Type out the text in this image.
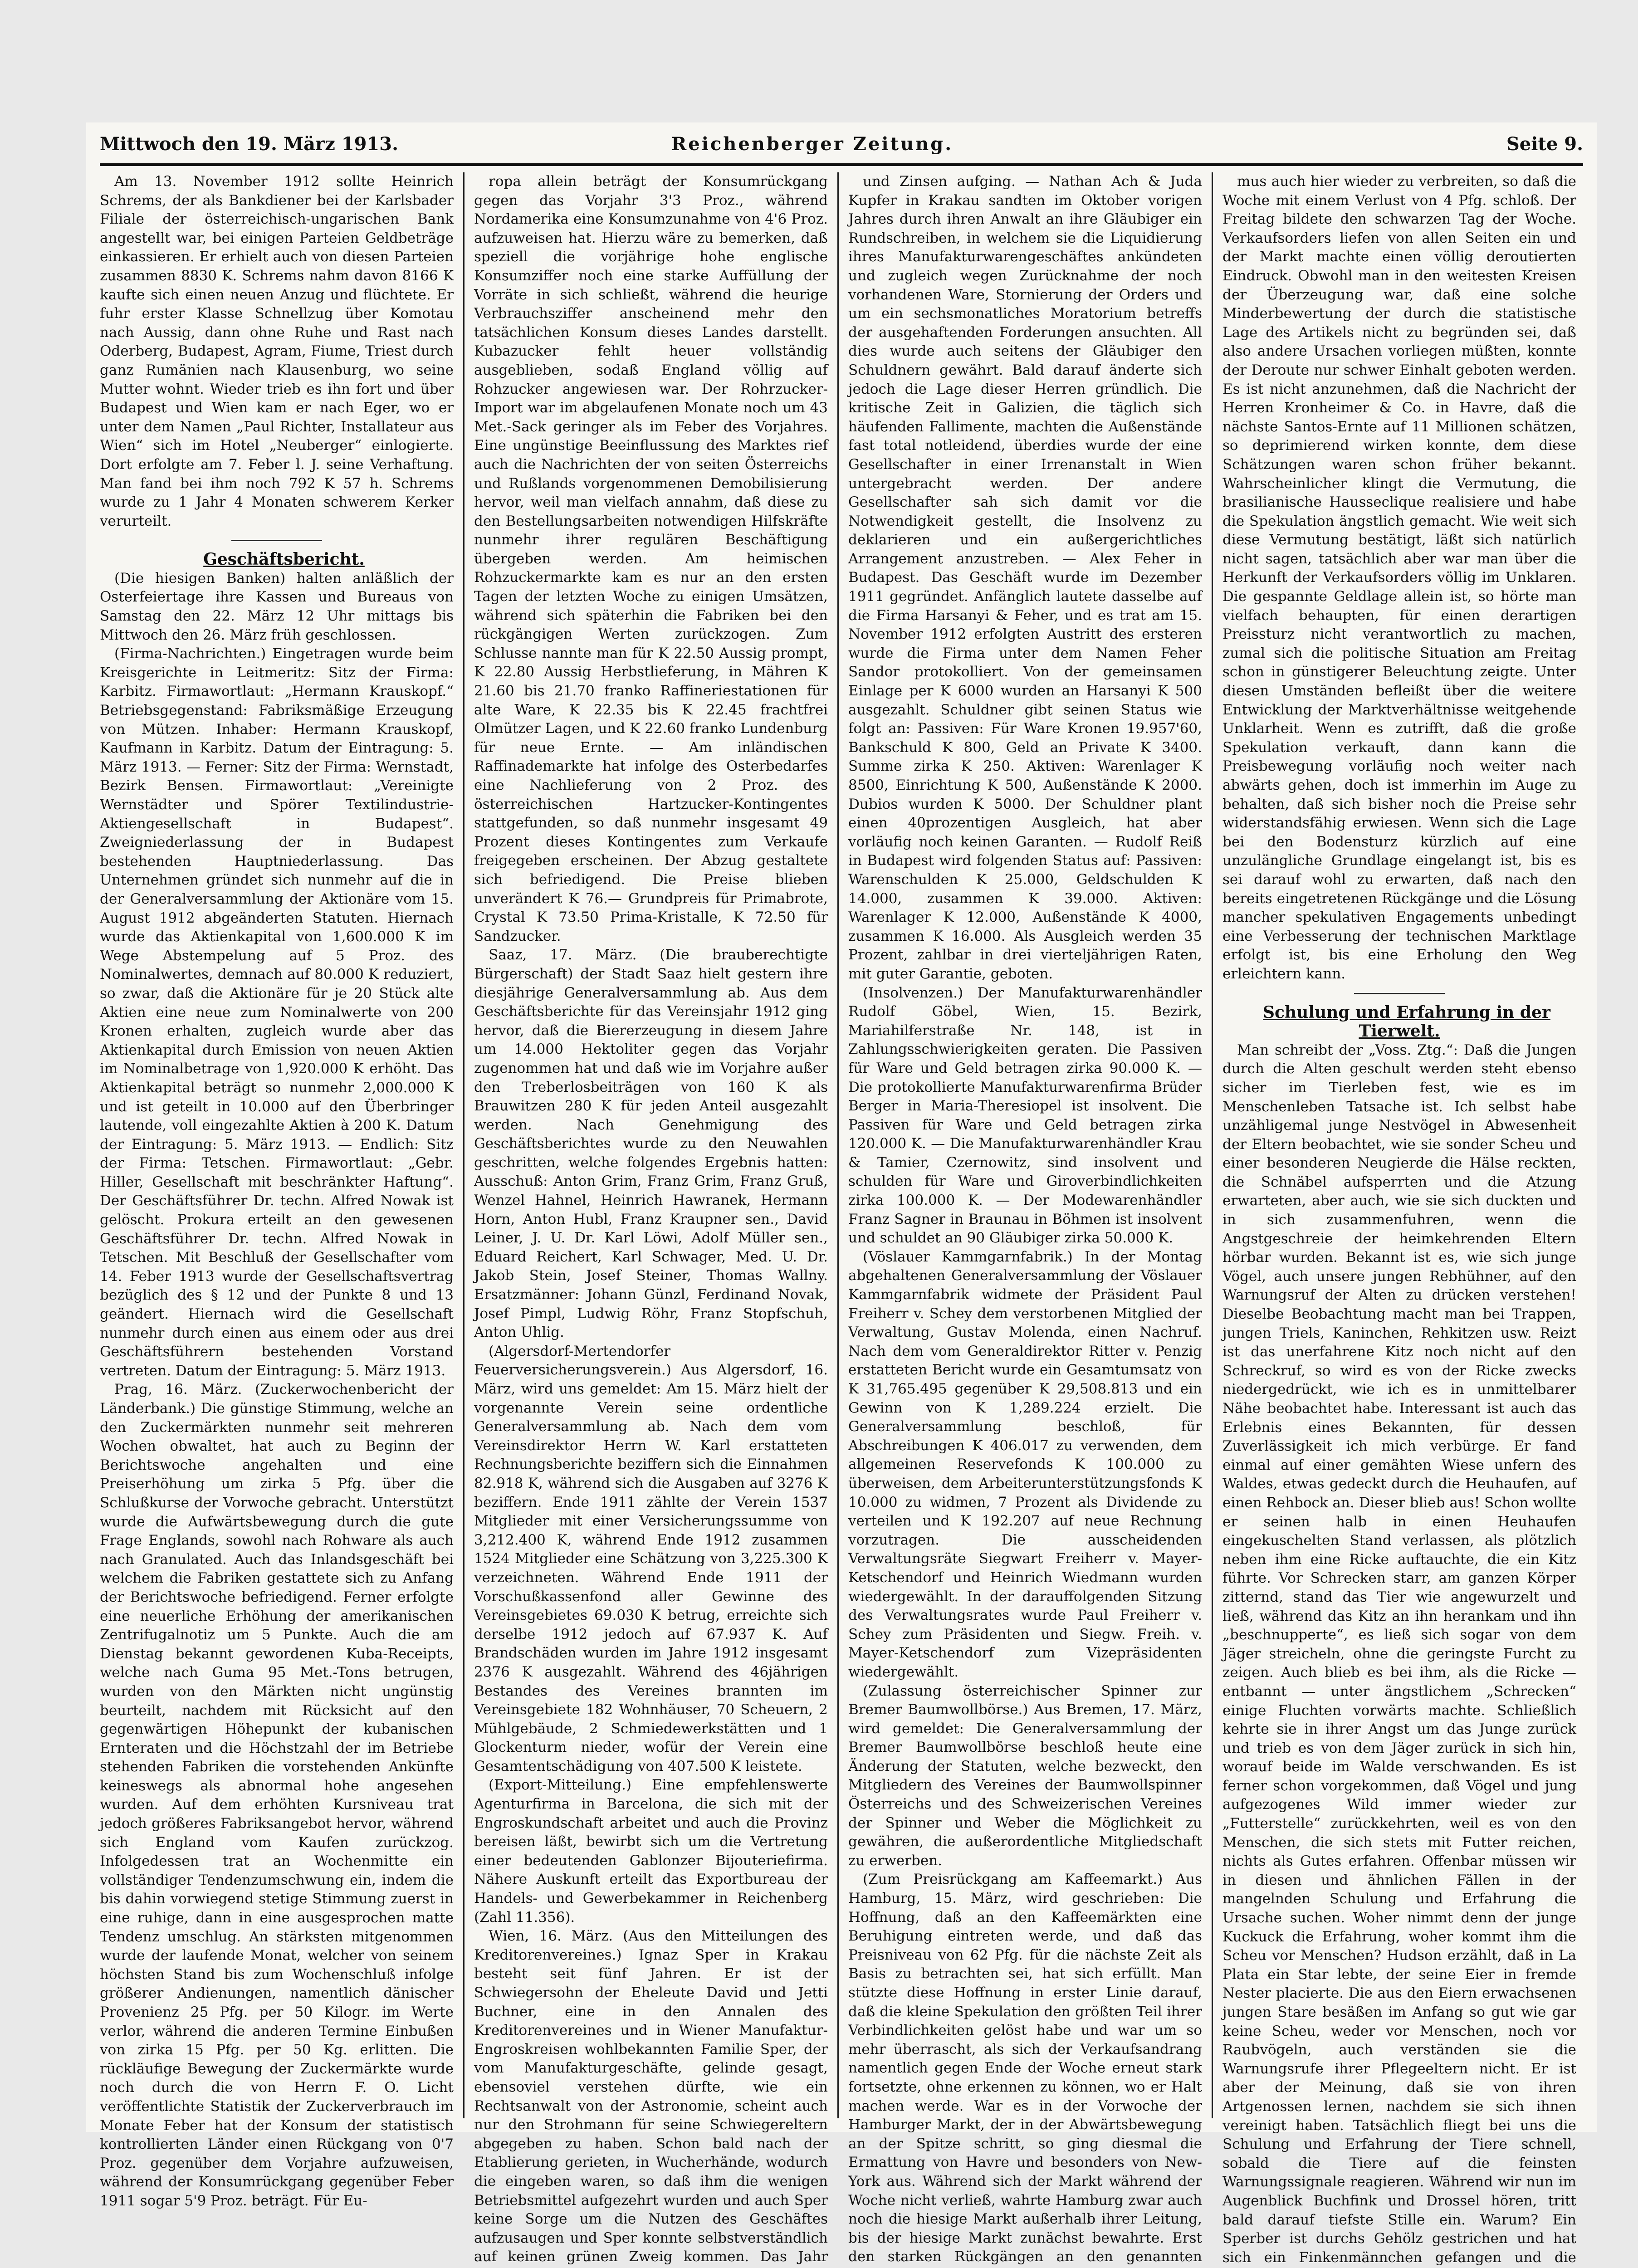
Mittwoch den 19. März 1913.	Reichenberger Zeitung.	Seite 9.

Am 13. November 1912 sollte Heinrich Schrems, der als Bankdiener bei der Karlsbader Filiale der österreichisch-ungarischen Bank angestellt war, bei einigen Parteien Geldbeträge einkassieren. Er erhielt auch von diesen Parteien zusammen 8830 K. Schrems nahm davon 8166 K kaufte sich einen neuen Anzug und flüchtete. Er fuhr erster Klasse Schnellzug über Komotau nach Aussig, dann ohne Ruhe und Rast nach Oderberg, Budapest, Agram, Fiume, Triest durch ganz Rumänien nach Klausenburg, wo seine Mutter wohnt. Wieder trieb es ihn fort und über Budapest und Wien kam er nach Eger, wo er unter dem Namen „Paul Richter, Installateur aus Wien“ sich im Hotel „Neuberger“ einlogierte. Dort erfolgte am 7. Feber l. J. seine Verhaftung. Man fand bei ihm noch 792 K 57 h. Schrems wurde zu 1 Jahr 4 Monaten schwerem Kerker verurteilt.

Geschäftsbericht.

(Die hiesigen Banken) halten anläßlich der Osterfeiertage ihre Kassen und Bureaus von Samstag den 22. März 12 Uhr mittags bis Mittwoch den 26. März früh geschlossen.

(Firma-Nachrichten.) Eingetragen wurde beim Kreisgerichte in Leitmeritz: Sitz der Firma: Karbitz. Firmawortlaut: „Hermann Krauskopf.“ Betriebsgegenstand: Fabriksmäßige Erzeugung von Mützen. Inhaber: Hermann Krauskopf, Kaufmann in Karbitz. Datum der Eintragung: 5. März 1913. — Ferner: Sitz der Firma: Wernstadt, Bezirk Bensen. Firmawortlaut: „Vereinigte Wernstädter und Spörer Textilindustrie-Aktiengesellschaft in Budapest“. Zweigniederlassung der in Budapest bestehenden Hauptniederlassung. Das Unternehmen gründet sich nunmehr auf die in der Generalversammlung der Aktionäre vom 15. August 1912 abgeänderten Statuten. Hiernach wurde das Aktienkapital von 1,600.000 K im Wege Abstempelung auf 5 Proz. des Nominalwertes, demnach auf 80.000 K reduziert, so zwar, daß die Aktionäre für je 20 Stück alte Aktien eine neue zum Nominalwerte von 200 Kronen erhalten, zugleich wurde aber das Aktienkapital durch Emission von neuen Aktien im Nominalbetrage von 1,920.000 K erhöht. Das Aktienkapital beträgt so nunmehr 2,000.000 K und ist geteilt in 10.000 auf den Überbringer lautende, voll eingezahlte Aktien à 200 K. Datum der Eintragung: 5. März 1913. — Endlich: Sitz der Firma: Tetschen. Firmawortlaut: „Gebr. Hiller, Gesellschaft mit beschränkter Haftung“. Der Geschäftsführer Dr. techn. Alfred Nowak ist gelöscht. Prokura erteilt an den gewesenen Geschäftsführer Dr. techn. Alfred Nowak in Tetschen. Mit Beschluß der Gesellschafter vom 14. Feber 1913 wurde der Gesellschaftsvertrag bezüglich des § 12 und der Punkte 8 und 13 geändert. Hiernach wird die Gesellschaft nunmehr durch einen aus einem oder aus drei Geschäftsführern bestehenden Vorstand vertreten. Datum der Eintragung: 5. März 1913.

Prag, 16. März. (Zuckerwochenbericht der Länderbank.) Die günstige Stimmung, welche an den Zuckermärkten nunmehr seit mehreren Wochen obwaltet, hat auch zu Beginn der Berichtswoche angehalten und eine Preiserhöhung um zirka 5 Pfg. über die Schlußkurse der Vorwoche gebracht. Unterstützt wurde die Aufwärtsbewegung durch die gute Frage Englands, sowohl nach Rohware als auch nach Granulated. Auch das Inlandsgeschäft bei welchem die Fabriken gestattete sich zu Anfang der Berichtswoche befriedigend. Ferner erfolgte eine neuerliche Erhöhung der amerikanischen Zentrifugalnotiz um 5 Punkte. Auch die am Dienstag bekannt gewordenen Kuba-Receipts, welche nach Guma 95 Met.-Tons betrugen, wurden von den Märkten nicht ungünstig beurteilt, nachdem mit Rücksicht auf den gegenwärtigen Höhepunkt der kubanischen Ernteraten und die Höchstzahl der im Betriebe stehenden Fabriken die vorstehenden Ankünfte keineswegs als abnormal hohe angesehen wurden. Auf dem erhöhten Kursniveau trat jedoch größeres Fabriksangebot hervor, während sich England vom Kaufen zurückzog. Infolgedessen trat an Wochenmitte ein vollständiger Tendenzumschwung ein, indem die bis dahin vorwiegend stetige Stimmung zuerst in eine ruhige, dann in eine ausgesprochen matte Tendenz umschlug. An stärksten mitgenommen wurde der laufende Monat, welcher von seinem höchsten Stand bis zum Wochenschluß infolge größerer Andienungen, namentlich dänischer Provenienz 25 Pfg. per 50 Kilogr. im Werte verlor, während die anderen Termine Einbußen von zirka 15 Pfg. per 50 Kg. erlitten. Die rückläufige Bewegung der Zuckermärkte wurde noch durch die von Herrn F. O. Licht veröffentlichte Statistik der Zuckerverbrauch im Monate Feber hat der Konsum der statistisch kontrollierten Länder einen Rückgang von 0'7 Proz. gegenüber dem Vorjahre aufzuweisen, während der Konsumrückgang gegenüber Feber 1911 sogar 5'9 Proz. beträgt. Für Eu-

ropa allein beträgt der Konsumrückgang gegen das Vorjahr 3'3 Proz., während Nordamerika eine Konsumzunahme von 4'6 Proz. aufzuweisen hat. Hierzu wäre zu bemerken, daß speziell die vorjährige hohe englische Konsumziffer noch eine starke Auffüllung der Vorräte in sich schließt, während die heurige Verbrauchsziffer anscheinend mehr den tatsächlichen Konsum dieses Landes darstellt. Kubazucker fehlt heuer vollständig ausgeblieben, sodaß England völlig auf Rohzucker angewiesen war. Der Rohrzucker-Import war im abgelaufenen Monate noch um 43 Met.-Sack geringer als im Feber des Vorjahres. Eine ungünstige Beeinflussung des Marktes rief auch die Nachrichten der von seiten Österreichs und Rußlands vorgenommenen Demobilisierung hervor, weil man vielfach annahm, daß diese zu den Bestellungsarbeiten notwendigen Hilfskräfte nunmehr ihrer regulären Beschäftigung übergeben werden. Am heimischen Rohzuckermarkte kam es nur an den ersten Tagen der letzten Woche zu einigen Umsätzen, während sich späterhin die Fabriken bei den rückgängigen Werten zurückzogen. Zum Schlusse nannte man für K 22.50 Aussig prompt, K 22.80 Aussig Herbstlieferung, in Mähren K 21.60 bis 21.70 franko Raffineriestationen für alte Ware, K 22.35 bis K 22.45 frachtfrei Olmützer Lagen, und K 22.60 franko Lundenburg für neue Ernte. — Am inländischen Raffinademarkte hat infolge des Osterbedarfes eine Nachlieferung von 2 Proz. des österreichischen Hartzucker-Kontingentes stattgefunden, so daß nunmehr insgesamt 49 Prozent dieses Kontingentes zum Verkaufe freigegeben erscheinen. Der Abzug gestaltete sich befriedigend. Die Preise blieben unverändert K 76.— Grundpreis für Primabrote, Crystal K 73.50 Prima-Kristalle, K 72.50 für Sandzucker.

Saaz, 17. März. (Die brauberechtigte Bürgerschaft) der Stadt Saaz hielt gestern ihre diesjährige Generalversammlung ab. Aus dem Geschäftsberichte für das Vereinsjahr 1912 ging hervor, daß die Biererzeugung in diesem Jahre um 14.000 Hektoliter gegen das Vorjahr zugenommen hat und daß wie im Vorjahre außer den Treberlosbeiträgen von 160 K als Brauwitzen 280 K für jeden Anteil ausgezahlt werden. Nach Genehmigung des Geschäftsberichtes wurde zu den Neuwahlen geschritten, welche folgendes Ergebnis hatten: Ausschuß: Anton Grim, Franz Grim, Franz Gruß, Wenzel Hahnel, Heinrich Hawranek, Hermann Horn, Anton Hubl, Franz Kraupner sen., David Leiner, J. U. Dr. Karl Löwi, Adolf Müller sen., Eduard Reichert, Karl Schwager, Med. U. Dr. Jakob Stein, Josef Steiner, Thomas Wallny. Ersatzmänner: Johann Günzl, Ferdinand Novak, Josef Pimpl, Ludwig Röhr, Franz Stopfschuh, Anton Uhlig.

(Algersdorf-Mertendorfer Feuerversicherungsverein.) Aus Algersdorf, 16. März, wird uns gemeldet: Am 15. März hielt der vorgenannte Verein seine ordentliche Generalversammlung ab. Nach dem vom Vereinsdirektor Herrn W. Karl erstatteten Rechnungsberichte beziffern sich die Einnahmen 82.918 K, während sich die Ausgaben auf 3276 K beziffern. Ende 1911 zählte der Verein 1537 Mitglieder mit einer Versicherungssumme von 3,212.400 K, während Ende 1912 zusammen 1524 Mitglieder eine Schätzung von 3,225.300 K verzeichneten. Während Ende 1911 der Vorschußkassenfond aller Gewinne des Vereinsgebietes 69.030 K betrug, erreichte sich derselbe 1912 jedoch auf 67.937 K. Auf Brandschäden wurden im Jahre 1912 insgesamt 2376 K ausgezahlt. Während des 46jährigen Bestandes des Vereines brannten im Vereinsgebiete 182 Wohnhäuser, 70 Scheuern, 2 Mühlgebäude, 2 Schmiedewerkstätten und 1 Glockenturm nieder, wofür der Verein eine Gesamtentschädigung von 407.500 K leistete.

(Export-Mitteilung.) Eine empfehlenswerte Agenturfirma in Barcelona, die sich mit der Engroskundschaft arbeitet und auch die Provinz bereisen läßt, bewirbt sich um die Vertretung einer bedeutenden Gablonzer Bijouteriefirma. Nähere Auskunft erteilt das Exportbureau der Handels- und Gewerbekammer in Reichenberg (Zahl 11.356).

Wien, 16. März. (Aus den Mitteilungen des Kreditorenvereines.) Ignaz Sper in Krakau besteht seit fünf Jahren. Er ist der Schwiegersohn der Eheleute David und Jetti Buchner, eine in den Annalen des Kreditorenvereines und in Wiener Manufaktur-Engroskreisen wohlbekannten Familie Sper, der vom Manufakturgeschäfte, gelinde gesagt, ebensoviel verstehen dürfte, wie ein Rechtsanwalt von der Astronomie, scheint auch nur den Strohmann für seine Schwiegereltern abgegeben zu haben. Schon bald nach der Etablierung gerieten, in Wucherhände, wodurch die eingeben waren, so daß ihm die wenigen Betriebsmittel aufgezehrt wurden und auch Sper keine Sorge um die Nutzen des Geschäftes aufzusaugen und Sper konnte selbstverständlich auf keinen grünen Zweig kommen. Das Jahr

und Zinsen aufging. — Nathan Ach & Juda Kupfer in Krakau sandten im Oktober vorigen Jahres durch ihren Anwalt an ihre Gläubiger ein Rundschreiben, in welchem sie die Liquidierung ihres Manufakturwarengeschäftes ankündeten und zugleich wegen Zurücknahme der noch vorhandenen Ware, Stornierung der Orders und um ein sechsmonatliches Moratorium betreffs der ausgehaftenden Forderungen ansuchten. All dies wurde auch seitens der Gläubiger den Schuldnern gewährt. Bald darauf änderte sich jedoch die Lage dieser Herren gründlich. Die kritische Zeit in Galizien, die täglich sich häufenden Fallimente, machten die Außenstände fast total notleidend, überdies wurde der eine Gesellschafter in einer Irrenanstalt in Wien untergebracht werden. Der andere Gesellschafter sah sich damit vor die Notwendigkeit gestellt, die Insolvenz zu deklarieren und ein außergerichtliches Arrangement anzustreben. — Alex Feher in Budapest. Das Geschäft wurde im Dezember 1911 gegründet. Anfänglich lautete dasselbe auf die Firma Harsanyi & Feher, und es trat am 15. November 1912 erfolgten Austritt des ersteren wurde die Firma unter dem Namen Feher Sandor protokolliert. Von der gemeinsamen Einlage per K 6000 wurden an Harsanyi K 500 ausgezahlt. Schuldner gibt seinen Status wie folgt an: Passiven: Für Ware Kronen 19.957'60, Bankschuld K 800, Geld an Private K 3400. Summe zirka K 250. Aktiven: Warenlager K 8500, Einrichtung K 500, Außenstände K 2000. Dubios wurden K 5000. Der Schuldner plant einen 40prozentigen Ausgleich, hat aber vorläufig noch keinen Garanten. — Rudolf Reiß in Budapest wird folgenden Status auf: Passiven: Warenschulden K 25.000, Geldschulden K 14.000, zusammen K 39.000. Aktiven: Warenlager K 12.000, Außenstände K 4000, zusammen K 16.000. Als Ausgleich werden 35 Prozent, zahlbar in drei vierteljährigen Raten, mit guter Garantie, geboten.

(Insolvenzen.) Der Manufakturwarenhändler Rudolf Göbel, Wien, 15. Bezirk, Mariahilferstraße Nr. 148, ist in Zahlungsschwierigkeiten geraten. Die Passiven für Ware und Geld betragen zirka 90.000 K. — Die protokollierte Manufakturwarenfirma Brüder Berger in Maria-Theresiopel ist insolvent. Die Passiven für Ware und Geld betragen zirka 120.000 K. — Die Manufakturwarenhändler Krau & Tamier, Czernowitz, sind insolvent und schulden für Ware und Giroverbindlichkeiten zirka 100.000 K. — Der Modewarenhändler Franz Sagner in Braunau in Böhmen ist insolvent und schuldet an 90 Gläubiger zirka 50.000 K.

(Vöslauer Kammgarnfabrik.) In der Montag abgehaltenen Generalversammlung der Vöslauer Kammgarnfabrik widmete der Präsident Paul Freiherr v. Schey dem verstorbenen Mitglied der Verwaltung, Gustav Molenda, einen Nachruf. Nach dem vom Generaldirektor Ritter v. Penzig erstatteten Bericht wurde ein Gesamtumsatz von K 31,765.495 gegenüber K 29,508.813 und ein Gewinn von K 1,289.224 erzielt. Die Generalversammlung beschloß, für Abschreibungen K 406.017 zu verwenden, dem allgemeinen Reservefonds K 100.000 zu überweisen, dem Arbeiterunterstützungsfonds K 10.000 zu widmen, 7 Prozent als Dividende zu verteilen und K 192.207 auf neue Rechnung vorzutragen. Die ausscheidenden Verwaltungsräte Siegwart Freiherr v. Mayer-Ketschendorf und Heinrich Wiedmann wurden wiedergewählt. In der darauffolgenden Sitzung des Verwaltungsrates wurde Paul Freiherr v. Schey zum Präsidenten und Siegw. Freih. v. Mayer-Ketschendorf zum Vizepräsidenten wiedergewählt.

(Zulassung österreichischer Spinner zur Bremer Baumwollbörse.) Aus Bremen, 17. März, wird gemeldet: Die Generalversammlung der Bremer Baumwollbörse beschloß heute eine Änderung der Statuten, welche bezweckt, den Mitgliedern des Vereines der Baumwollspinner Österreichs und des Schweizerischen Vereines der Spinner und Weber die Möglichkeit zu gewähren, die außerordentliche Mitgliedschaft zu erwerben.

(Zum Preisrückgang am Kaffeemarkt.) Aus Hamburg, 15. März, wird geschrieben: Die Hoffnung, daß an den Kaffeemärkten eine Beruhigung eintreten werde, und daß das Preisniveau von 62 Pfg. für die nächste Zeit als Basis zu betrachten sei, hat sich erfüllt. Man stützte diese Hoffnung in erster Linie darauf, daß die kleine Spekulation den größten Teil ihrer Verbindlichkeiten gelöst habe und war um so mehr überrascht, als sich der Verkaufsandrang namentlich gegen Ende der Woche erneut stark fortsetzte, ohne erkennen zu können, wo er Halt machen werde. War es in der Vorwoche der Hamburger Markt, der in der Abwärtsbewegung an der Spitze schritt, so ging diesmal die Ermattung von Havre und besonders von New-York aus. Während sich der Markt während der Woche nicht verließ, wahrte Hamburg zwar auch noch die hiesige Markt außerhalb ihrer Leitung, bis der hiesige Markt zunächst bewahrte. Erst den starken Rückgängen an den genannten

mus auch hier wieder zu verbreiten, so daß die Woche mit einem Verlust von 4 Pfg. schloß. Der Freitag bildete den schwarzen Tag der Woche. Verkaufsorders liefen von allen Seiten ein und der Markt machte einen völlig deroutierten Eindruck. Obwohl man in den weitesten Kreisen der Überzeugung war, daß eine solche Minderbewertung der durch die statistische Lage des Artikels nicht zu begründen sei, daß also andere Ursachen vorliegen müßten, konnte der Deroute nur schwer Einhalt geboten werden. Es ist nicht anzunehmen, daß die Nachricht der Herren Kronheimer & Co. in Havre, daß die nächste Santos-Ernte auf 11 Millionen schätzen, so deprimierend wirken konnte, dem diese Schätzungen waren schon früher bekannt. Wahrscheinlicher klingt die Vermutung, die brasilianische Hausseclique realisiere und habe die Spekulation ängstlich gemacht. Wie weit sich diese Vermutung bestätigt, läßt sich natürlich nicht sagen, tatsächlich aber war man über die Herkunft der Verkaufsorders völlig im Unklaren. Die gespannte Geldlage allein ist, so hörte man vielfach behaupten, für einen derartigen Preissturz nicht verantwortlich zu machen, zumal sich die politische Situation am Freitag schon in günstigerer Beleuchtung zeigte. Unter diesen Umständen befleißt über die weitere Entwicklung der Marktverhältnisse weitgehende Unklarheit. Wenn es zutrifft, daß die große Spekulation verkauft, dann kann die Preisbewegung vorläufig noch weiter nach abwärts gehen, doch ist immerhin im Auge zu behalten, daß sich bisher noch die Preise sehr widerstandsfähig erwiesen. Wenn sich die Lage bei den Bodensturz kürzlich auf eine unzulängliche Grundlage eingelangt ist, bis es sei darauf wohl zu erwarten, daß nach den bereits eingetretenen Rückgänge und die Lösung mancher spekulativen Engagements unbedingt eine Verbesserung der technischen Marktlage erfolgt ist, bis eine Erholung den Weg erleichtern kann.

Schulung und Erfahrung in der Tierwelt.

Man schreibt der „Voss. Ztg.“: Daß die Jungen durch die Alten geschult werden steht ebenso sicher im Tierleben fest, wie es im Menschenleben Tatsache ist. Ich selbst habe unzähligemal junge Nestvögel in Abwesenheit der Eltern beobachtet, wie sie sonder Scheu und einer besonderen Neugierde die Hälse reckten, die Schnäbel aufsperrten und die Atzung erwarteten, aber auch, wie sie sich duckten und in sich zusammenfuhren, wenn die Angstgeschreie der heimkehrenden Eltern hörbar wurden. Bekannt ist es, wie sich junge Vögel, auch unsere jungen Rebhühner, auf den Warnungsruf der Alten zu drücken verstehen! Dieselbe Beobachtung macht man bei Trappen, jungen Triels, Kaninchen, Rehkitzen usw. Reizt ist das unerfahrene Kitz noch nicht auf den Schreckruf, so wird es von der Ricke zwecks niedergedrückt, wie ich es in unmittelbarer Nähe beobachtet habe. Interessant ist auch das Erlebnis eines Bekannten, für dessen Zuverlässigkeit ich mich verbürge. Er fand einmal auf einer gemähten Wiese unfern des Waldes, etwas gedeckt durch die Heuhaufen, auf einen Rehbock an. Dieser blieb aus! Schon wollte er seinen halb in einen Heuhaufen eingekuschelten Stand verlassen, als plötzlich neben ihm eine Ricke auftauchte, die ein Kitz führte. Vor Schrecken starr, am ganzen Körper zitternd, stand das Tier wie angewurzelt und ließ, während das Kitz an ihn herankam und ihn „beschnupperte“, es ließ sich sogar von dem Jäger streicheln, ohne die geringste Furcht zu zeigen. Auch blieb es bei ihm, als die Ricke — entbannt — unter ängstlichem „Schrecken“ einige Fluchten vorwärts machte. Schließlich kehrte sie in ihrer Angst um das Junge zurück und trieb es von dem Jäger zurück in sich hin, worauf beide im Walde verschwanden. Es ist ferner schon vorgekommen, daß Vögel und jung aufgezogenes Wild immer wieder zur „Futterstelle“ zurückkehrten, weil es von den Menschen, die sich stets mit Futter reichen, nichts als Gutes erfahren. Offenbar müssen wir in diesen und ähnlichen Fällen in der mangelnden Schulung und Erfahrung die Ursache suchen. Woher nimmt denn der junge Kuckuck die Erfahrung, woher kommt ihm die Scheu vor Menschen? Hudson erzählt, daß in La Plata ein Star lebte, der seine Eier in fremde Nester placierte. Die aus den Eiern erwachsenen jungen Stare besäßen im Anfang so gut wie gar keine Scheu, weder vor Menschen, noch vor Raubvögeln, auch verständen sie die Warnungsrufe ihrer Pflegeeltern nicht. Er ist aber der Meinung, daß sie von ihren Artgenossen lernen, nachdem sie sich ihnen vereinigt haben. Tatsächlich fliegt bei uns die Schulung und Erfahrung der Tiere schnell, sobald die Tiere auf die feinsten Warnungssignale reagieren. Während wir nun im Augenblick Buchfink und Drossel hören, tritt bald darauf tiefste Stille ein. Warum? Ein Sperber ist durchs Gehölz gestrichen und hat sich ein Finkenmännchen gefangen und die
